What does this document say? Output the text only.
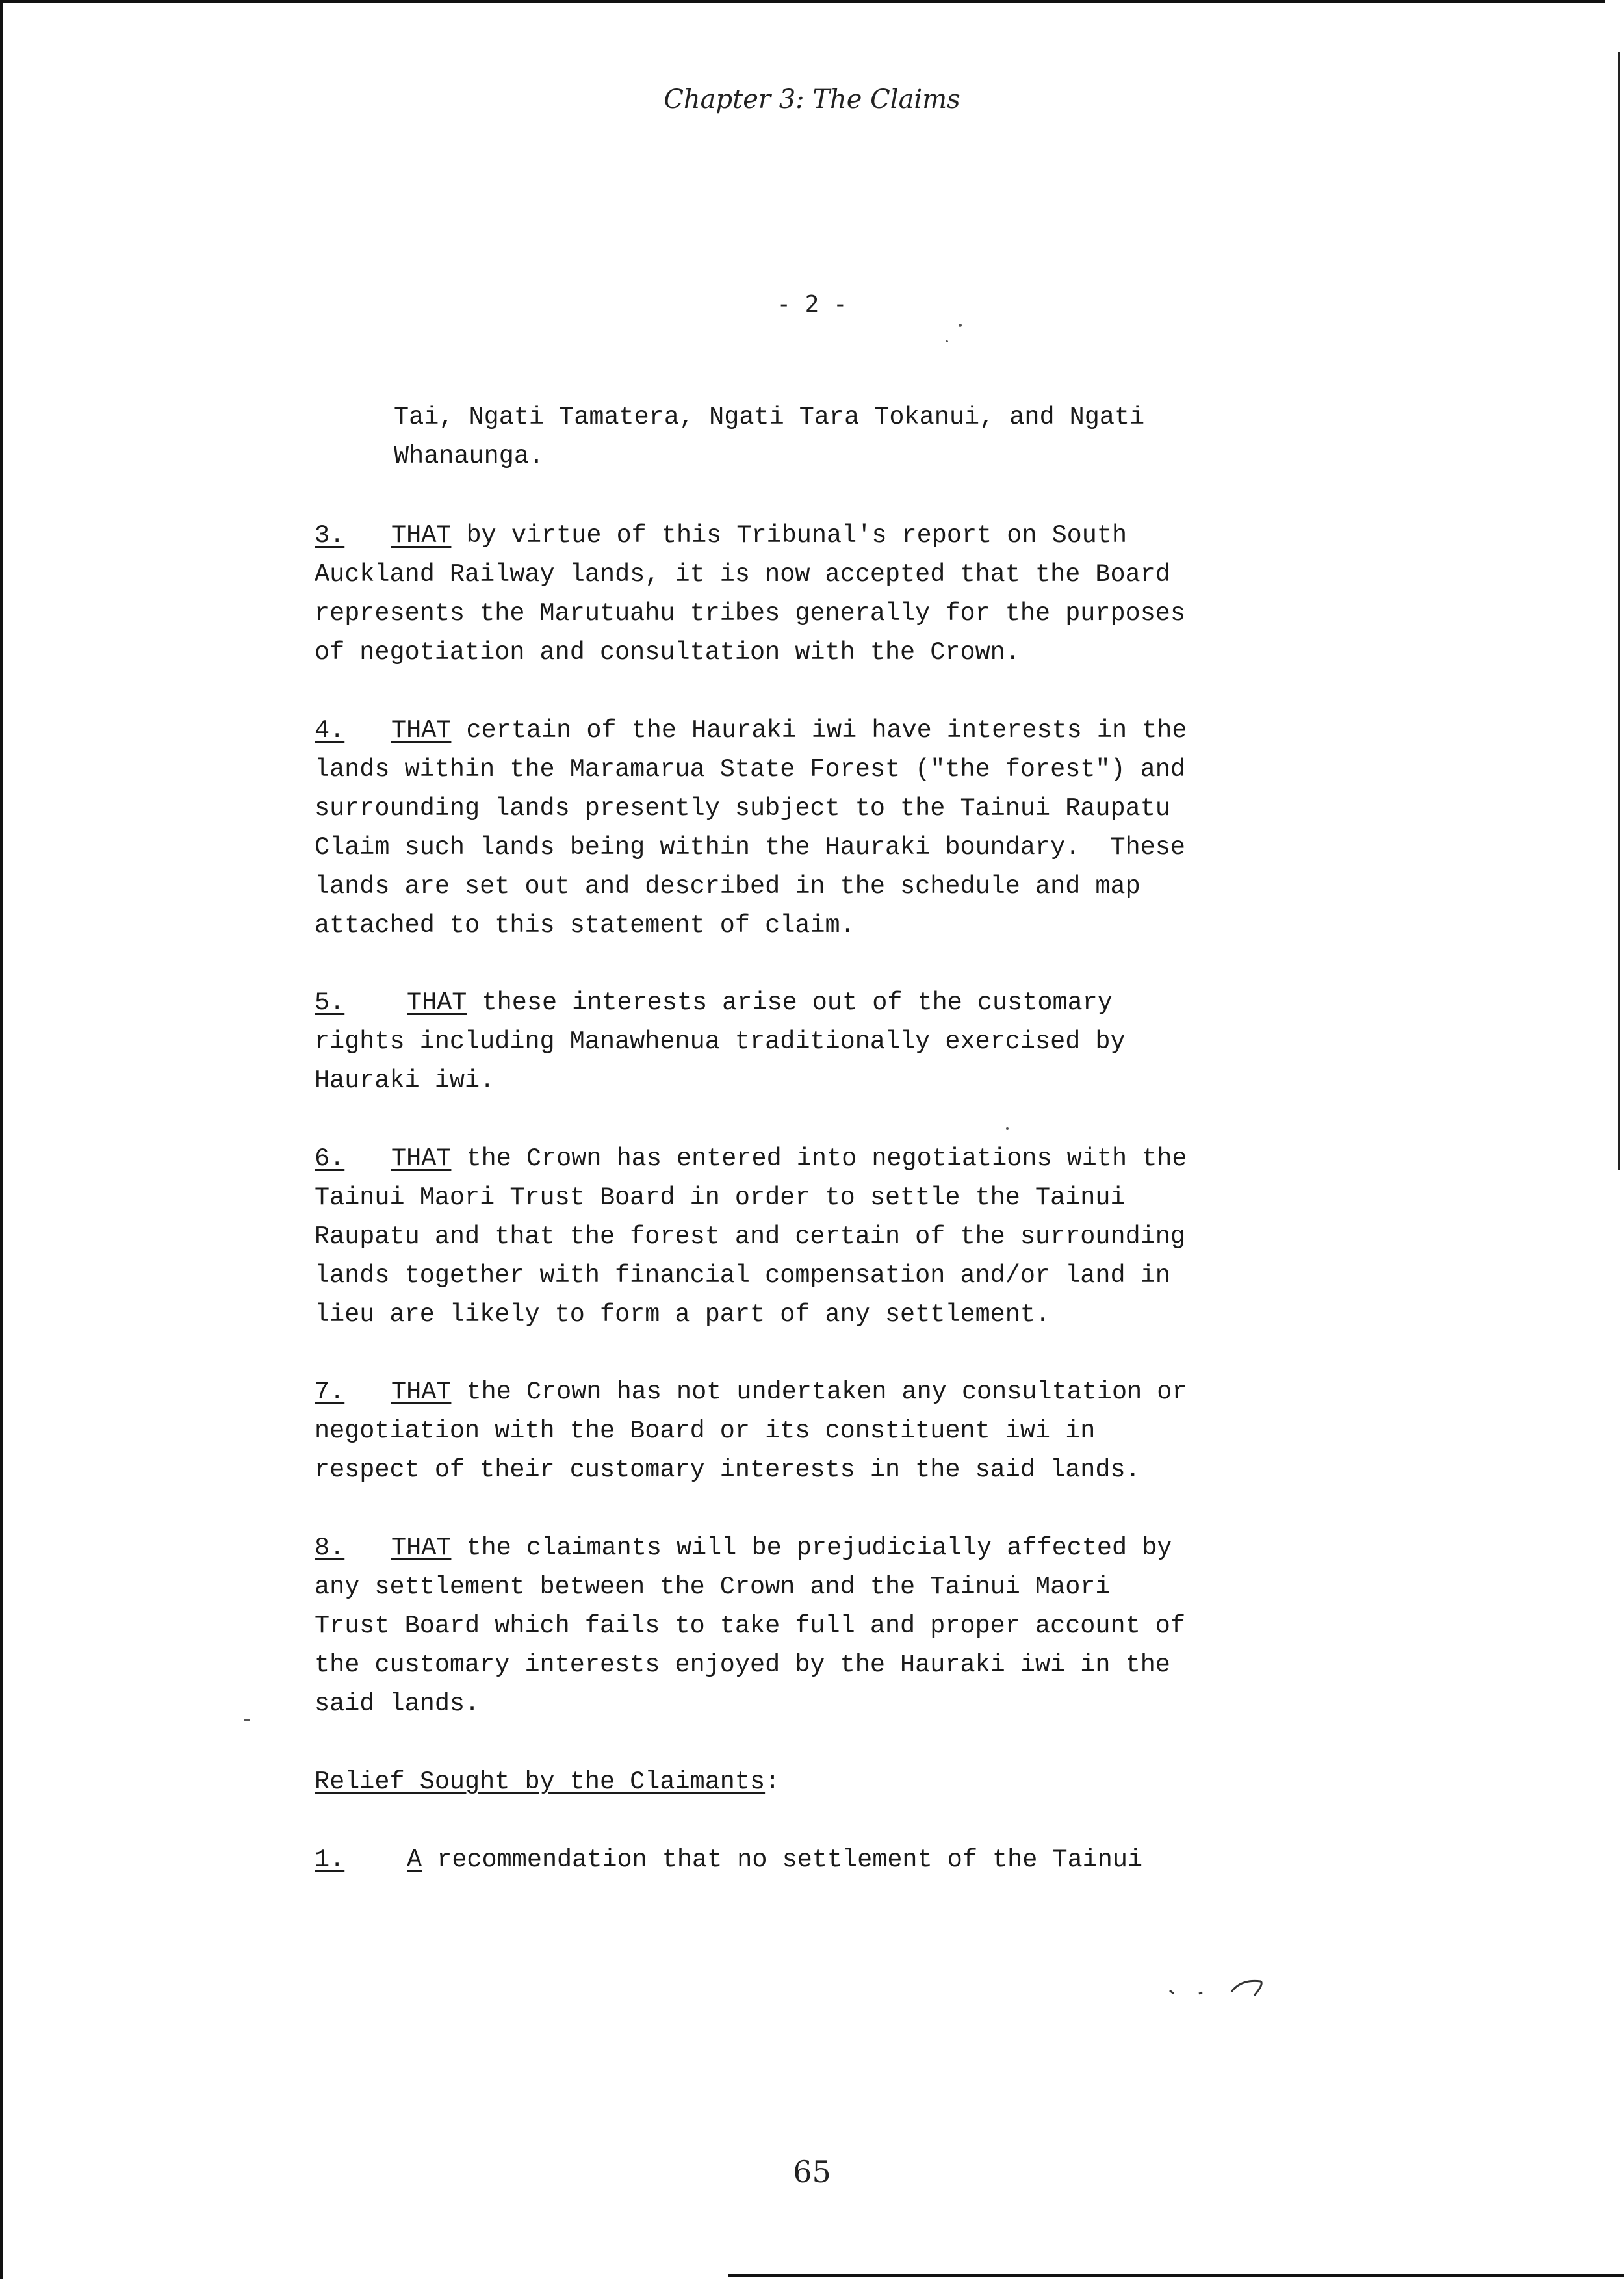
Chapter 3: The Claims
- 2 -
Tai, Ngati Tamatera, Ngati Tara Tokanui, and Ngati
Whanaunga.
3. THAT by virtue of this Tribunal's report on South
Auckland Railway lands, it is now accepted that the Board
represents the Marutuahu tribes generally for the purposes
of negotiation and consultation with the Crown.
4. THAT certain of the Hauraki iwi have interests in the
lands within the Maramarua State Forest ("the forest") and
surrounding lands presently subject to the Tainui Raupatu
Claim such lands being within the Hauraki boundary.  These
lands are set out and described in the schedule and map
attached to this statement of claim.
5. THAT these interests arise out of the customary
rights including Manawhenua traditionally exercised by
Hauraki iwi.
6. THAT the Crown has entered into negotiations with the
Tainui Maori Trust Board in order to settle the Tainui
Raupatu and that the forest and certain of the surrounding
lands together with financial compensation and/or land in
lieu are likely to form a part of any settlement.
7. THAT the Crown has not undertaken any consultation or
negotiation with the Board or its constituent iwi in
respect of their customary interests in the said lands.
8. THAT the claimants will be prejudicially affected by
any settlement between the Crown and the Tainui Maori
Trust Board which fails to take full and proper account of
the customary interests enjoyed by the Hauraki iwi in the
said lands.
Relief Sought by the Claimants:
1. A recommendation that no settlement of the Tainui
65
